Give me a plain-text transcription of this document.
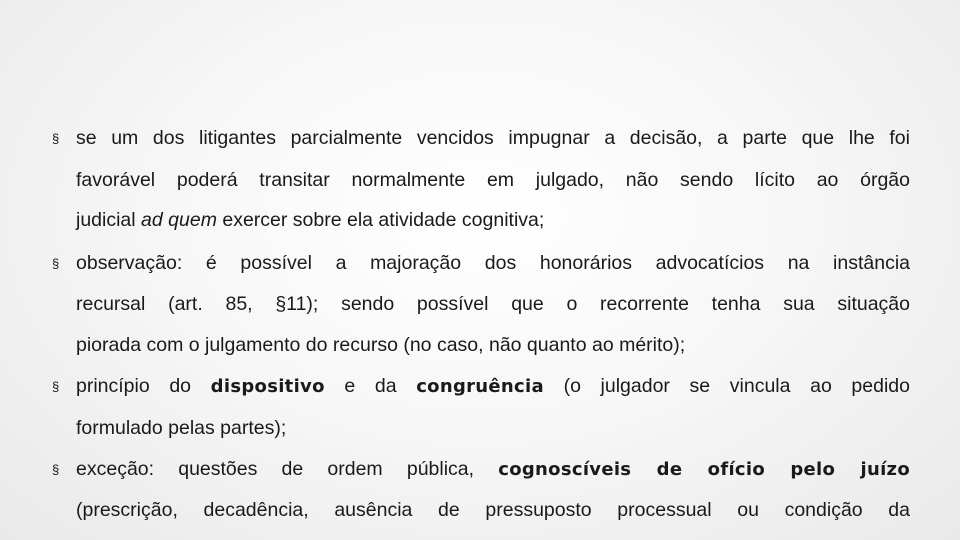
§ se um dos litigantes parcialmente vencidos impugnar a decisão, a parte que lhe foi
favorável poderá transitar normalmente em julgado, não sendo lícito ao órgão
judicial ad quem exercer sobre ela atividade cognitiva;
§ observação: é possível a majoração dos honorários advocatícios na instância
recursal (art. 85, §11); sendo possível que o recorrente tenha sua situação
piorada com o julgamento do recurso (no caso, não quanto ao mérito);
§ princípio do dispositivo e da congruência (o julgador se vincula ao pedido
formulado pelas partes);
§ exceção: questões de ordem pública, cognoscíveis de ofício pelo juízo
(prescrição, decadência, ausência de pressuposto processual ou condição da
